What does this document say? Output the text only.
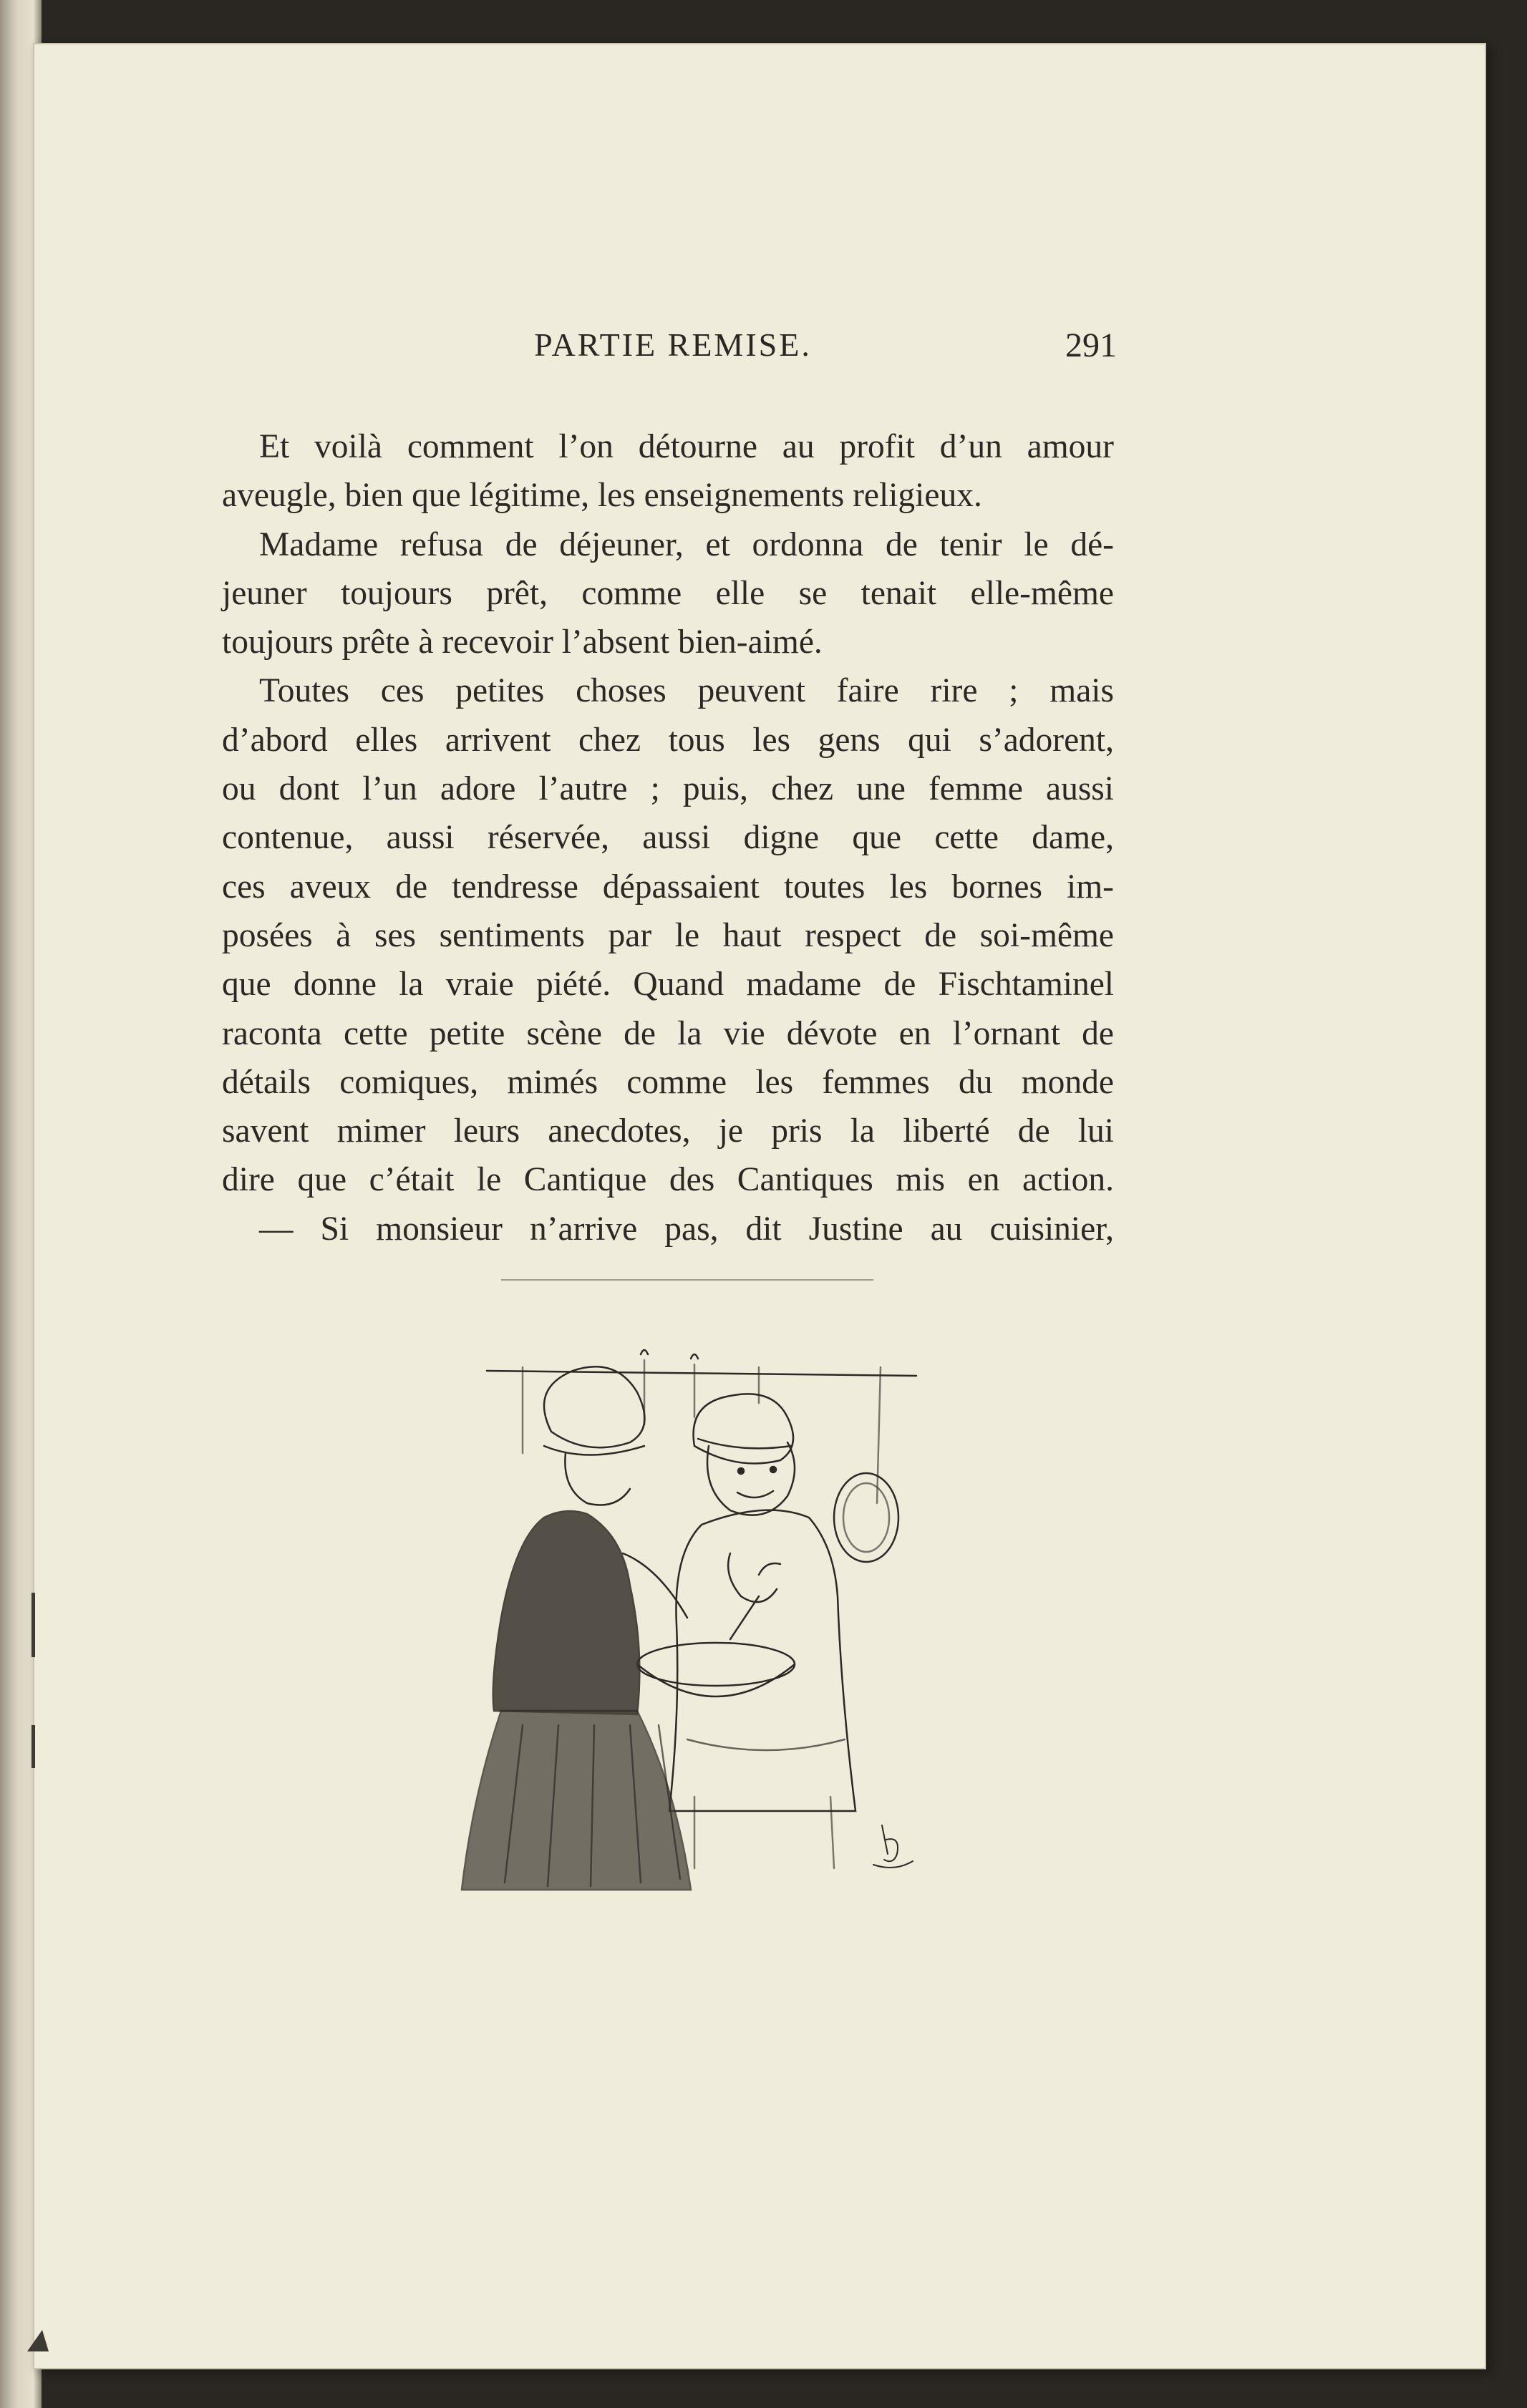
PARTIE REMISE.	291
Et voilà comment l’on détourne au profit d’un amour
aveugle, bien que légitime, les enseignements religieux.
Madame refusa de déjeuner, et ordonna de tenir le dé-
jeuner toujours prêt, comme elle se tenait elle-même
toujours prête à recevoir l’absent bien-aimé.
Toutes ces petites choses peuvent faire rire ; mais
d’abord elles arrivent chez tous les gens qui s’adorent,
ou dont l’un adore l’autre ; puis, chez une femme aussi
contenue, aussi réservée, aussi digne que cette dame,
ces aveux de tendresse dépassaient toutes les bornes im-
posées à ses sentiments par le haut respect de soi-même
que donne la vraie piété. Quand madame de Fischtaminel
raconta cette petite scène de la vie dévote en l’ornant de
détails comiques, mimés comme les femmes du monde
savent mimer leurs anecdotes, je pris la liberté de lui
dire que c’était le Cantique des Cantiques mis en action.
— Si monsieur n’arrive pas, dit Justine au cuisinier,
